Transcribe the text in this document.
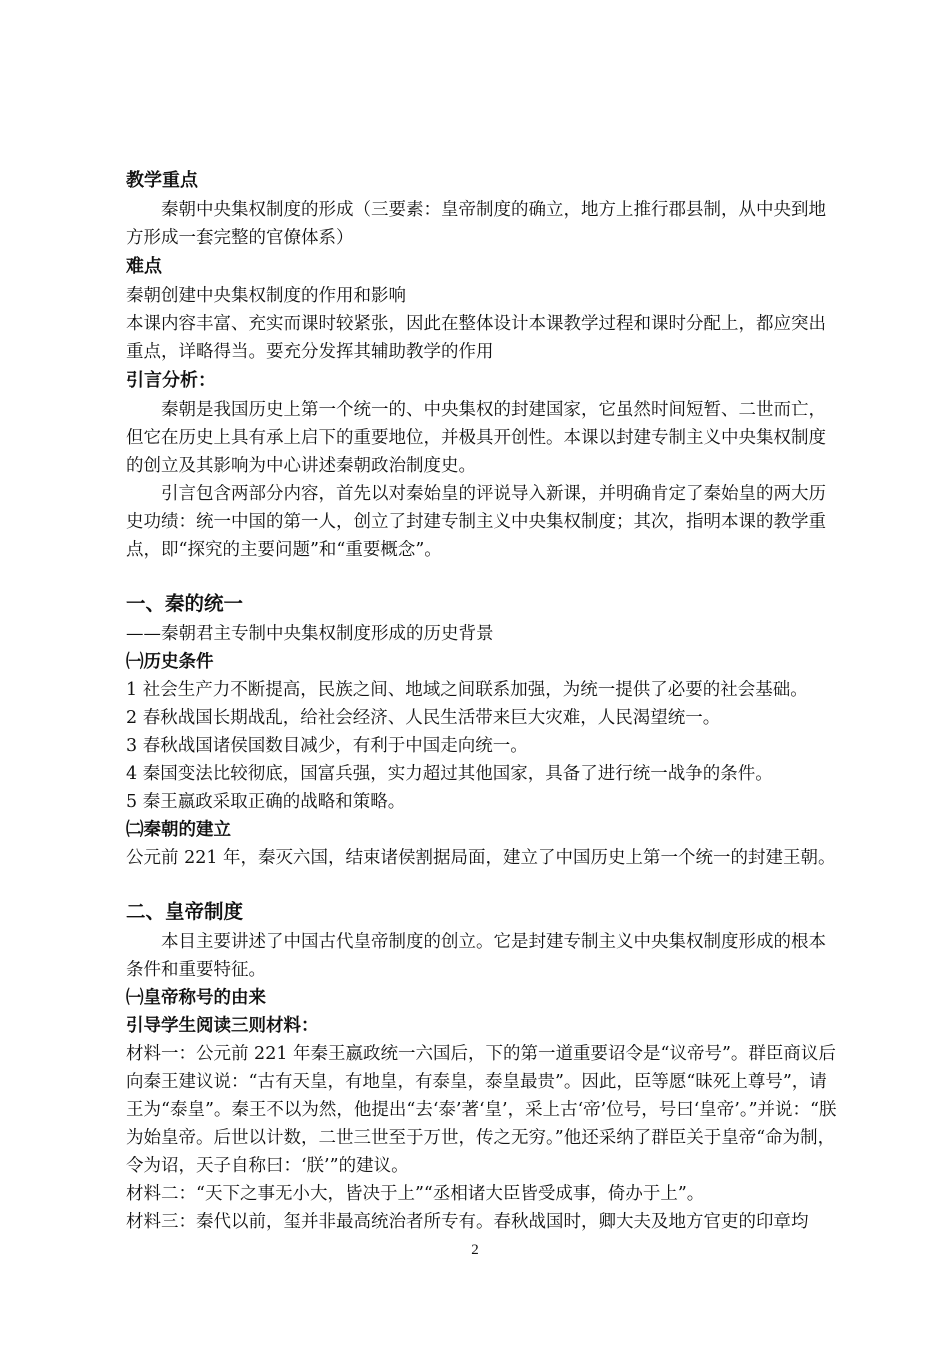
教学重点
秦朝中央集权制度的形成（三要素：皇帝制度的确立，地方上推行郡县制，从中央到地方形成一套完整的官僚体系）
难点
秦朝创建中央集权制度的作用和影响
本课内容丰富、充实而课时较紧张，因此在整体设计本课教学过程和课时分配上，都应突出重点，详略得当。要充分发挥其辅助教学的作用
引言分析：
秦朝是我国历史上第一个统一的、中央集权的封建国家，它虽然时间短暂、二世而亡，但它在历史上具有承上启下的重要地位，并极具开创性。本课以封建专制主义中央集权制度的创立及其影响为中心讲述秦朝政治制度史。
引言包含两部分内容，首先以对秦始皇的评说导入新课，并明确肯定了秦始皇的两大历史功绩：统一中国的第一人，创立了封建专制主义中央集权制度；其次，指明本课的教学重点，即“探究的主要问题”和“重要概念”。
一、秦的统一
——秦朝君主专制中央集权制度形成的历史背景
㈠历史条件
1 社会生产力不断提高，民族之间、地域之间联系加强，为统一提供了必要的社会基础。
2 春秋战国长期战乱，给社会经济、人民生活带来巨大灾难，人民渴望统一。
3 春秋战国诸侯国数目减少，有利于中国走向统一。
4 秦国变法比较彻底，国富兵强，实力超过其他国家，具备了进行统一战争的条件。
5 秦王嬴政采取正确的战略和策略。
㈡秦朝的建立
公元前 221 年，秦灭六国，结束诸侯割据局面，建立了中国历史上第一个统一的封建王朝。
二、皇帝制度
本目主要讲述了中国古代皇帝制度的创立。它是封建专制主义中央集权制度形成的根本条件和重要特征。
㈠皇帝称号的由来
引导学生阅读三则材料：
材料一：公元前 221 年秦王嬴政统一六国后，下的第一道重要诏令是“议帝号”。群臣商议后向秦王建议说：“古有天皇，有地皇，有泰皇，泰皇最贵”。因此，臣等愿“昧死上尊号”，请王为“泰皇”。秦王不以为然，他提出“去‘泰’著‘皇’，采上古‘帝’位号，号曰‘皇帝’。”并说：“朕为始皇帝。后世以计数，二世三世至于万世，传之无穷。”他还采纳了群臣关于皇帝“命为制，令为诏，天子自称曰：‘朕’”的建议。
材料二：“天下之事无小大，皆决于上”“丞相诸大臣皆受成事，倚办于上”。
材料三：秦代以前，玺并非最高统治者所专有。春秋战国时，卿大夫及地方官吏的印章均
2
